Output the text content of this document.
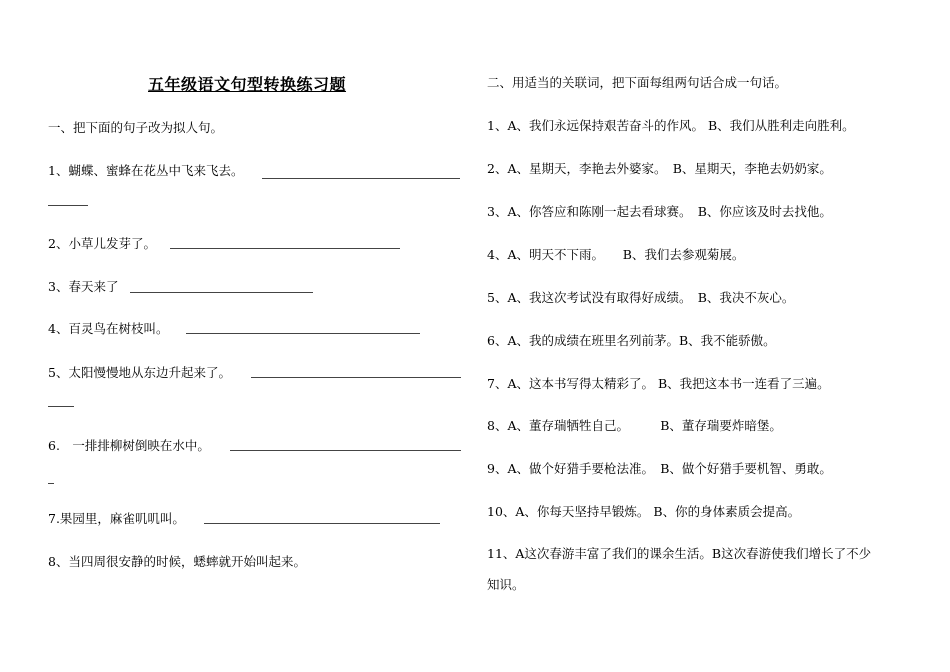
五年级语文句型转换练习题
一、把下面的句子改为拟人句。
1、蝴蝶、蜜蜂在花丛中飞来飞去。
2、小草儿发芽了。
3、春天来了
4、百灵鸟在树枝叫。
5、太阳慢慢地从东边升起来了。
6.　一排排柳树倒映在水中。
7.果园里，麻雀叽叽叫。
8、当四周很安静的时候，蟋蟀就开始叫起来。
二、用适当的关联词，把下面每组两句话合成一句话。
1、A、我们永远保持艰苦奋斗的作风。 B、我们从胜利走向胜利。
2、A、星期天，李艳去外婆家。　B、星期天，李艳去奶奶家。
3、A、你答应和陈刚一起去看球赛。　B、你应该及时去找他。
4、A、明天不下雨。　　B、我们去参观菊展。
5、A、我这次考试没有取得好成绩。　B、我决不灰心。
6、A、我的成绩在班里名列前茅。B、我不能骄傲。
7、A、这本书写得太精彩了。 B、我把这本书一连看了三遍。
8、A、董存瑞牺牲自己。　　　B、董存瑞要炸暗堡。
9、A、做个好猎手要枪法准。　B、做个好猎手要机智、勇敢。
10、A、你每天坚持早锻炼。 B、你的身体素质会提高。
11、A这次春游丰富了我们的课余生活。B这次春游使我们增长了不少
知识。
